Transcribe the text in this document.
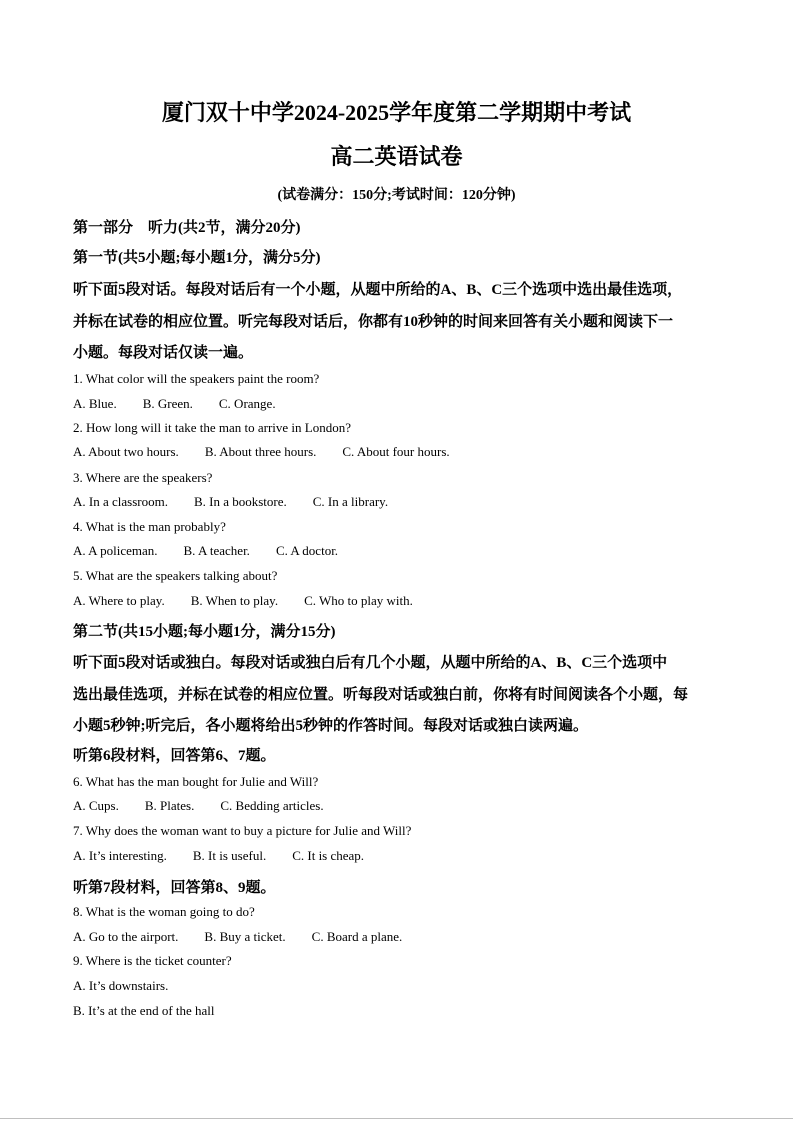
厦门双十中学2024-2025学年度第二学期期中考试
高二英语试卷
(试卷满分：150分;考试时间：120分钟)
第一部分　听力(共2节，满分20分)
第一节(共5小题;每小题1分，满分5分)
听下面5段对话。每段对话后有一个小题，从题中所给的A、B、C三个选项中选出最佳选项，
并标在试卷的相应位置。听完每段对话后，你都有10秒钟的时间来回答有关小题和阅读下一
小题。每段对话仅读一遍。
1. What color will the speakers paint the room?
A. Blue. B. Green. C. Orange.
2. How long will it take the man to arrive in London?
A. About two hours. B. About three hours. C. About four hours.
3. Where are the speakers?
A. In a classroom. B. In a bookstore. C. In a library.
4. What is the man probably?
A. A policeman. B. A teacher. C. A doctor.
5. What are the speakers talking about?
A. Where to play. B. When to play. C. Who to play with.
第二节(共15小题;每小题1分，满分15分)
听下面5段对话或独白。每段对话或独白后有几个小题，从题中所给的A、B、C三个选项中
选出最佳选项，并标在试卷的相应位置。听每段对话或独白前，你将有时间阅读各个小题，每
小题5秒钟;听完后，各小题将给出5秒钟的作答时间。每段对话或独白读两遍。
听第6段材料，回答第6、7题。
6. What has the man bought for Julie and Will?
A. Cups. B. Plates. C. Bedding articles.
7. Why does the woman want to buy a picture for Julie and Will?
A. It’s interesting. B. It is useful. C. It is cheap.
听第7段材料，回答第8、9题。
8. What is the woman going to do?
A. Go to the airport. B. Buy a ticket. C. Board a plane.
9. Where is the ticket counter?
A. It’s downstairs.
B. It’s at the end of the hall
